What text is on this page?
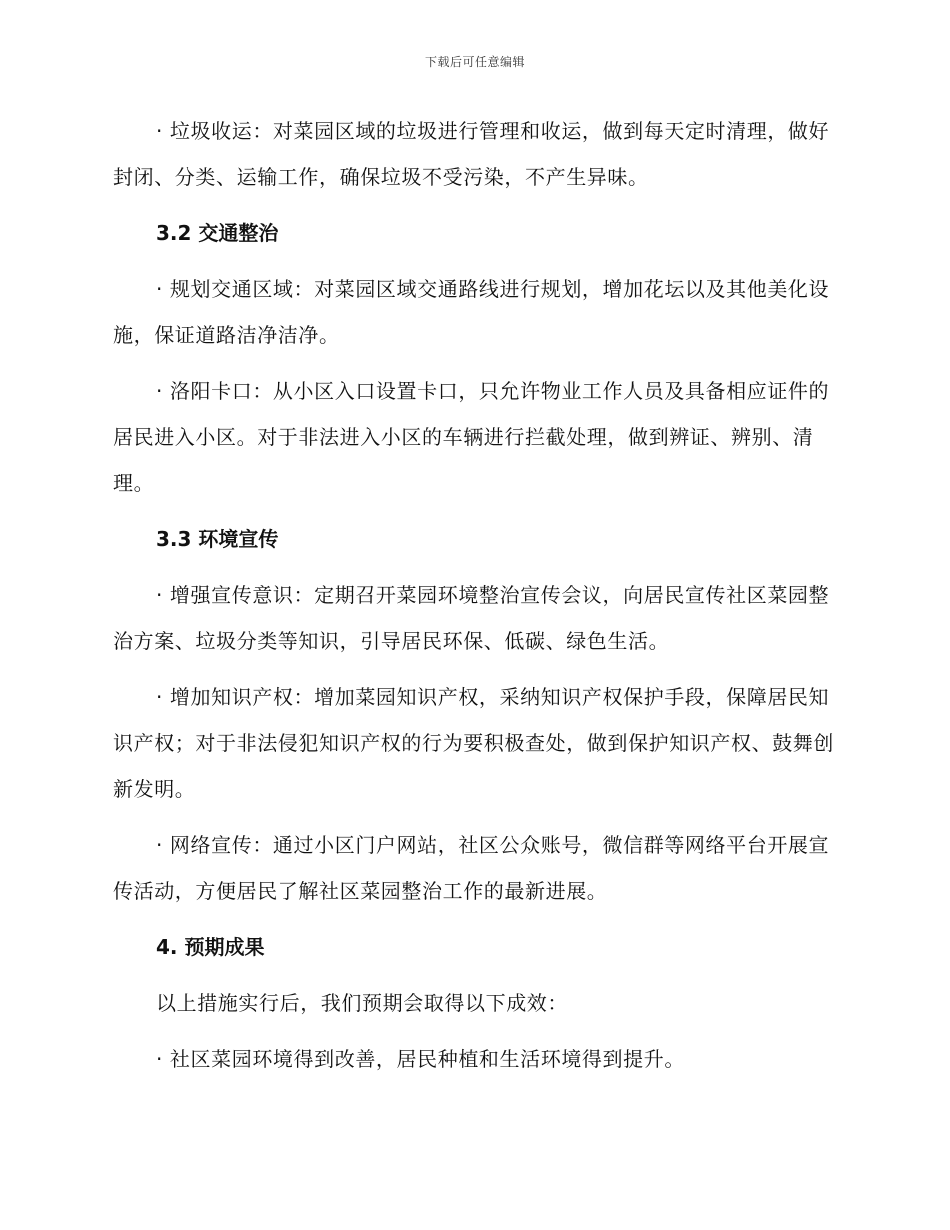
下载后可任意编辑

· 垃圾收运：对菜园区域的垃圾进行管理和收运，做到每天定时清理，做好封闭、分类、运输工作，确保垃圾不受污染，不产生异味。

3.2 交通整治

· 规划交通区域：对菜园区域交通路线进行规划，增加花坛以及其他美化设施，保证道路洁净洁净。

· 洛阳卡口：从小区入口设置卡口，只允许物业工作人员及具备相应证件的居民进入小区。对于非法进入小区的车辆进行拦截处理，做到辨证、辨别、清理。

3.3 环境宣传

· 增强宣传意识：定期召开菜园环境整治宣传会议，向居民宣传社区菜园整治方案、垃圾分类等知识，引导居民环保、低碳、绿色生活。

· 增加知识产权：增加菜园知识产权，采纳知识产权保护手段，保障居民知识产权；对于非法侵犯知识产权的行为要积极查处，做到保护知识产权、鼓舞创新发明。

· 网络宣传：通过小区门户网站，社区公众账号，微信群等网络平台开展宣传活动，方便居民了解社区菜园整治工作的最新进展。

4. 预期成果

以上措施实行后，我们预期会取得以下成效：

· 社区菜园环境得到改善，居民种植和生活环境得到提升。
